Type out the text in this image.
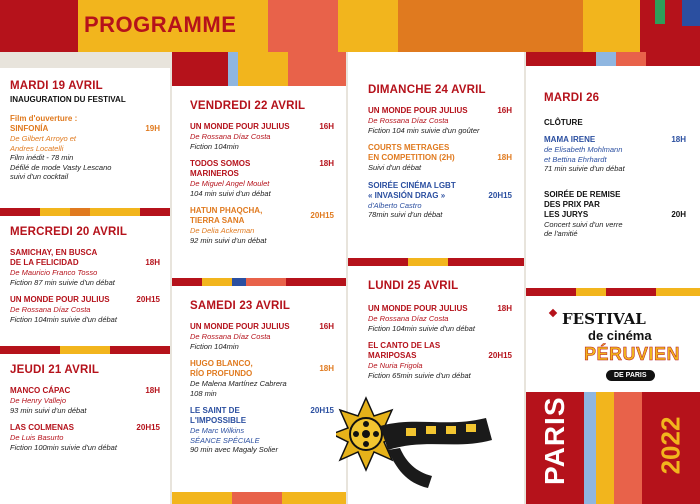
PROGRAMME
MARDI 19 AVRIL
INAUGURATION DU FESTIVAL
Film d'ouverture :
SINFONÍA	19H
De Gilbert Arroyo et
Andres Locatelli
Film inédit - 78 min
Défilé de mode Vasty Lescano
suivi d'un cocktail
MERCREDI 20 AVRIL
SAMICHAY, EN BUSCA
DE LA FELICIDAD	18H
De Mauricio Franco Tosso
Fiction 87 min suivie d'un débat
UN MONDE POUR JULIUS	20H15
De Rossana Díaz Costa
Fiction 104min suivie d'un débat
JEUDI 21 AVRIL
MANCO CÁPAC	18H
De Henry Vallejo
93 min suivi d'un débat
LAS COLMENAS	20H15
De Luis Basurto
Fiction 100min suivie d'un débat
VENDREDI 22 AVRIL
UN MONDE POUR JULIUS	16H
De Rossana Díaz Costa
Fiction 104min
TODOS SOMOS MARINEROS
18H
De Miguel Angel Moulet
104 min suivi d'un débat
HATUN PHAQCHA,
TIERRA SANA
20H15
De Delia Ackerman
92 min suivi d'un débat
SAMEDI 23 AVRIL
UN MONDE POUR JULIUS	16H
De Rossana Díaz Costa
Fiction 104min
HUGO BLANCO,
RÍO PROFUNDO
18H
De Malena Martínez Cabrera
108 min
LE SAINT DE L'IMPOSSIBLE
20H15
De Marc Wilkins
SÉANCE SPÉCIALE
90 min avec Magaly Solier
DIMANCHE 24 AVRIL
UN MONDE POUR JULIUS	16H
De Rossana Díaz Costa
Fiction 104 min suivie d'un goûter
COURTS METRAGES
EN COMPETITION (2H)	18H
Suivi d'un débat
SOIRÉE CINÉMA LGBT
« INVASIÓN DRAG »	20H15
d'Alberto Castro
78min suivi d'un débat
LUNDI 25 AVRIL
UN MONDE POUR JULIUS	18H
De Rossana Díaz Costa
Fiction 104min suivie d'un débat
EL CANTO DE LAS
MARIPOSAS	20H15
De Nuria Frigola
Fiction 65min suivie d'un débat
MARDI 26
CLÔTURE
MAMA IRENE	18H
de Elisabeth Mohlmann
et Bettina Ehrhardt
71 min suivie d'un débat
SOIRÉE DE REMISE
DES PRIX PAR
LES JURYS	20H
Concert suivi d'un verre
de l'amitié
FESTIVAL
de cinéma
PÉRUVIEN
DE PARIS
PARIS	2022
